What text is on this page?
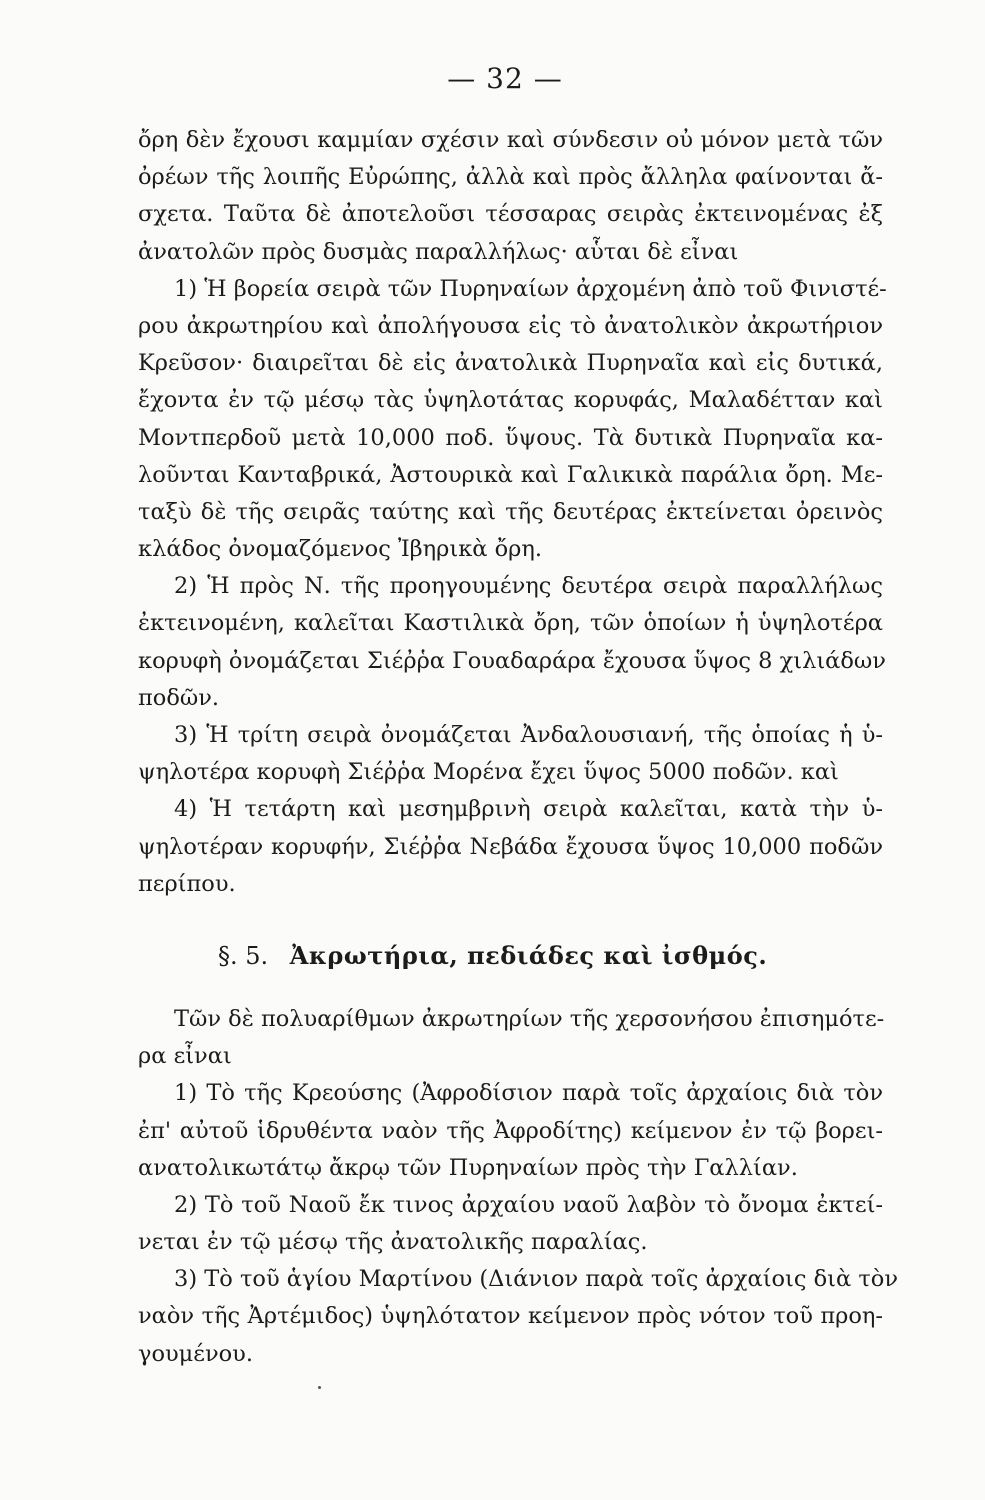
— 32 —
ὄρη δὲν ἔχουσι καμμίαν σχέσιν καὶ σύνδεσιν οὐ μόνον μετὰ τῶν
ὀρέων τῆς λοιπῆς Εὐρώπης, ἀλλὰ καὶ πρὸς ἄλληλα φαίνονται ἄ-
σχετα. Ταῦτα δὲ ἀποτελοῦσι τέσσαρας σειρὰς ἐκτεινομένας ἐξ
ἀνατολῶν πρὸς δυσμὰς παραλλήλως· αὗται δὲ εἶναι
1) Ἡ βορεία σειρὰ τῶν Πυρηναίων ἀρχομένη ἀπὸ τοῦ Φινιστέ-
ρου ἀκρωτηρίου καὶ ἀπολήγουσα εἰς τὸ ἀνατολικὸν ἀκρωτήριον
Κρεῦσον· διαιρεῖται δὲ εἰς ἀνατολικὰ Πυρηναῖα καὶ εἰς δυτικά,
ἔχοντα ἐν τῷ μέσῳ τὰς ὑψηλοτάτας κορυφάς, Μαλαδέτταν καὶ
Μοντπερδοῦ μετὰ 10,000 ποδ. ὕψους. Τὰ δυτικὰ Πυρηναῖα κα-
λοῦνται Κανταβρικά, Ἀστουρικὰ καὶ Γαλικικὰ παράλια ὄρη. Με-
ταξὺ δὲ τῆς σειρᾶς ταύτης καὶ τῆς δευτέρας ἐκτείνεται ὀρεινὸς
κλάδος ὀνομαζόμενος Ἰβηρικὰ ὄρη.
2) Ἡ πρὸς Ν. τῆς προηγουμένης δευτέρα σειρὰ παραλλήλως
ἐκτεινομένη, καλεῖται Καστιλικὰ ὄρη, τῶν ὁποίων ἡ ὑψηλοτέρα
κορυφὴ ὀνομάζεται Σιέῤῥα Γουαδαράρα ἔχουσα ὕψος 8 χιλιάδων
ποδῶν.
3) Ἡ τρίτη σειρὰ ὀνομάζεται Ἀνδαλουσιανή, τῆς ὁποίας ἡ ὑ-
ψηλοτέρα κορυφὴ Σιέῤῥα Μορένα ἔχει ὕψος 5000 ποδῶν. καὶ
4) Ἡ τετάρτη καὶ μεσημβρινὴ σειρὰ καλεῖται, κατὰ τὴν ὑ-
ψηλοτέραν κορυφήν, Σιέῤῥα Νεβάδα ἔχουσα ὕψος 10,000 ποδῶν
περίπου.
§. 5. Ἀκρωτήρια, πεδιάδες καὶ ἰσθμός.
Τῶν δὲ πολυαρίθμων ἀκρωτηρίων τῆς χερσονήσου ἐπισημότε-
ρα εἶναι
1) Τὸ τῆς Κρεούσης (Ἀφροδίσιον παρὰ τοῖς ἀρχαίοις διὰ τὸν
ἐπ' αὐτοῦ ἱδρυθέντα ναὸν τῆς Ἀφροδίτης) κείμενον ἐν τῷ βορει-
ανατολικωτάτῳ ἄκρῳ τῶν Πυρηναίων πρὸς τὴν Γαλλίαν.
2) Τὸ τοῦ Ναοῦ ἔκ τινος ἀρχαίου ναοῦ λαβὸν τὸ ὄνομα ἐκτεί-
νεται ἐν τῷ μέσῳ τῆς ἀνατολικῆς παραλίας.
3) Τὸ τοῦ ἁγίου Μαρτίνου (Διάνιον παρὰ τοῖς ἀρχαίοις διὰ τὸν
ναὸν τῆς Ἀρτέμιδος) ὑψηλότατον κείμενον πρὸς νότον τοῦ προη-
γουμένου.
